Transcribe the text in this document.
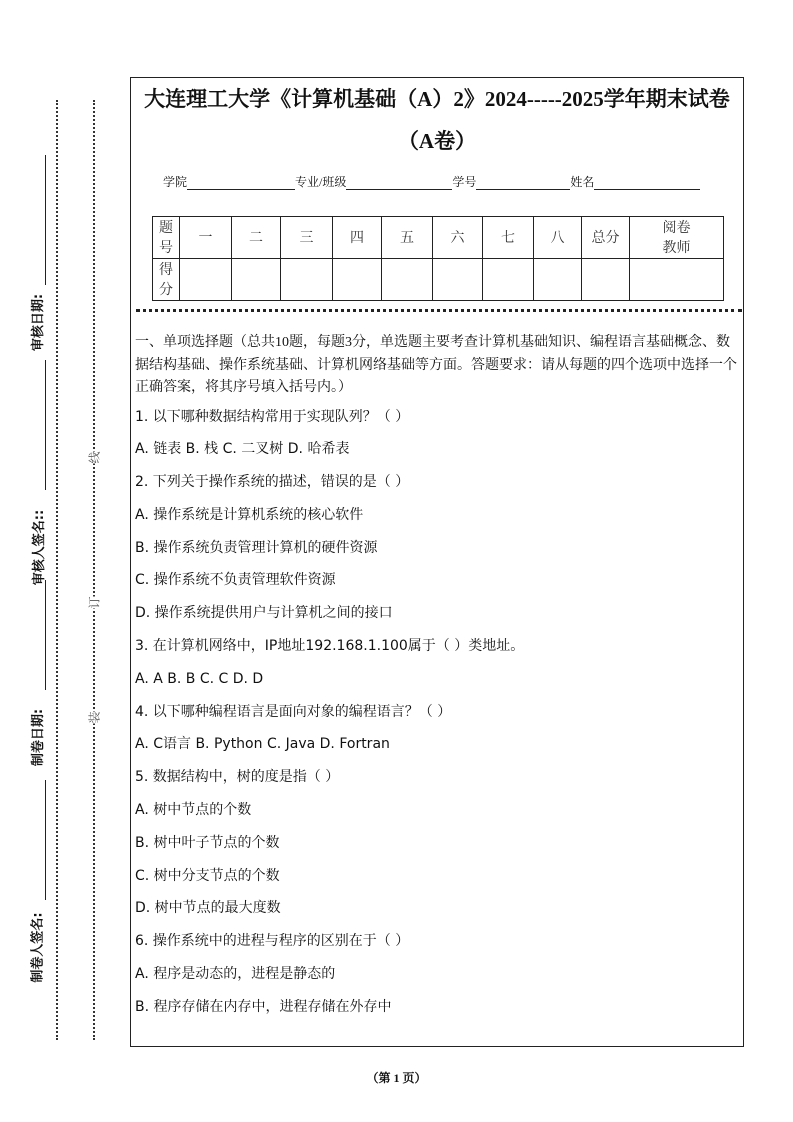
大连理工大学《计算机基础（A）2》2024-----2025学年期末试卷
（A卷）
学院	专业/班级	学号	姓名
题号	一	二	三	四	五	六	七	八	总分	阅卷教师
得分										

一、单项选择题（总共10题，每题3分，单选题主要考查计算机基础知识、编程语言基础概念、数据结构基础、操作系统基础、计算机网络基础等方面。答题要求：请从每题的四个选项中选择一个正确答案，将其序号填入括号内。）

1. 以下哪种数据结构常用于实现队列？（ ）
A. 链表 B. 栈 C. 二叉树 D. 哈希表
2. 下列关于操作系统的描述，错误的是（ ）
A. 操作系统是计算机系统的核心软件
B. 操作系统负责管理计算机的硬件资源
C. 操作系统不负责管理软件资源
D. 操作系统提供用户与计算机之间的接口
3. 在计算机网络中，IP地址192.168.1.100属于（ ）类地址。
A. A B. B C. C D. D
4. 以下哪种编程语言是面向对象的编程语言？（ ）
A. C语言 B. Python C. Java D. Fortran
5. 数据结构中，树的度是指（ ）
A. 树中节点的个数
B. 树中叶子节点的个数
C. 树中分支节点的个数
D. 树中节点的最大度数
6. 操作系统中的进程与程序的区别在于（ ）
A. 程序是动态的，进程是静态的
B. 程序存储在内存中，进程存储在外存中
审核日期:
审核人签名::
制卷日期:
制卷人签名:
线
订
装
（第 1 页）
